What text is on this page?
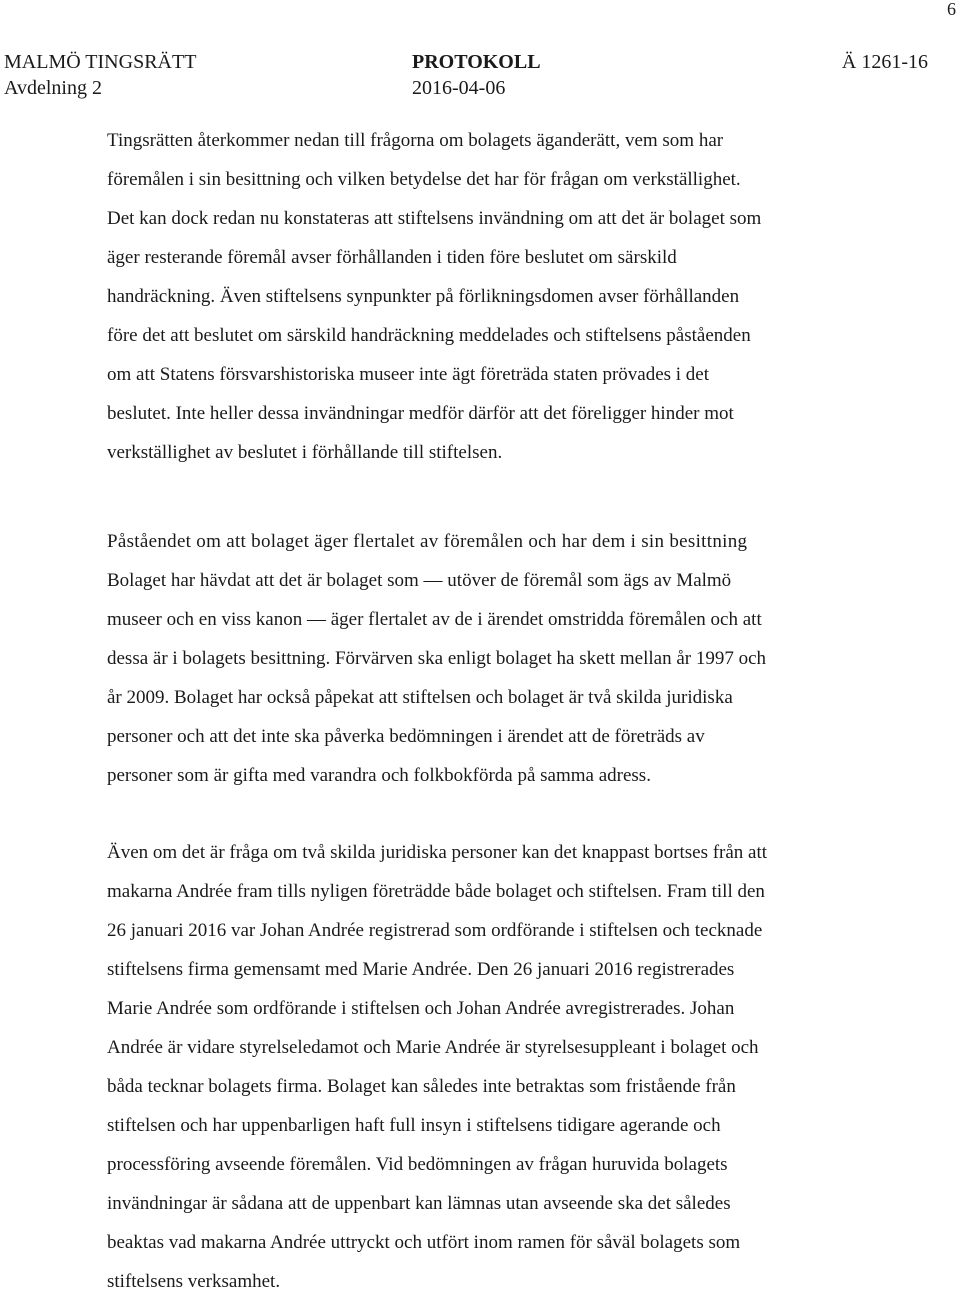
6
MALMÖ TINGSRÄTT	PROTOKOLL	Ä 1261-16
Avdelning 2	2016-04-06
Tingsrätten återkommer nedan till frågorna om bolagets äganderätt, vem som har
föremålen i sin besittning och vilken betydelse det har för frågan om verkställighet.
Det kan dock redan nu konstateras att stiftelsens invändning om att det är bolaget som
äger resterande föremål avser förhållanden i tiden före beslutet om särskild
handräckning. Även stiftelsens synpunkter på förlikningsdomen avser förhållanden
före det att beslutet om särskild handräckning meddelades och stiftelsens påståenden
om att Statens försvarshistoriska museer inte ägt företräda staten prövades i det
beslutet. Inte heller dessa invändningar medför därför att det föreligger hinder mot
verkställighet av beslutet i förhållande till stiftelsen.
Påståendet om att bolaget äger flertalet av föremålen och har dem i sin besittning
Bolaget har hävdat att det är bolaget som — utöver de föremål som ägs av Malmö
museer och en viss kanon — äger flertalet av de i ärendet omstridda föremålen och att
dessa är i bolagets besittning. Förvärven ska enligt bolaget ha skett mellan år 1997 och
år 2009. Bolaget har också påpekat att stiftelsen och bolaget är två skilda juridiska
personer och att det inte ska påverka bedömningen i ärendet att de företräds av
personer som är gifta med varandra och folkbokförda på samma adress.
Även om det är fråga om två skilda juridiska personer kan det knappast bortses från att
makarna Andrée fram tills nyligen företrädde både bolaget och stiftelsen. Fram till den
26 januari 2016 var Johan Andrée registrerad som ordförande i stiftelsen och tecknade
stiftelsens firma gemensamt med Marie Andrée. Den 26 januari 2016 registrerades
Marie Andrée som ordförande i stiftelsen och Johan Andrée avregistrerades. Johan
Andrée är vidare styrelseledamot och Marie Andrée är styrelsesuppleant i bolaget och
båda tecknar bolagets firma. Bolaget kan således inte betraktas som fristående från
stiftelsen och har uppenbarligen haft full insyn i stiftelsens tidigare agerande och
processföring avseende föremålen. Vid bedömningen av frågan huruvida bolagets
invändningar är sådana att de uppenbart kan lämnas utan avseende ska det således
beaktas vad makarna Andrée uttryckt och utfört inom ramen för såväl bolagets som
stiftelsens verksamhet.
